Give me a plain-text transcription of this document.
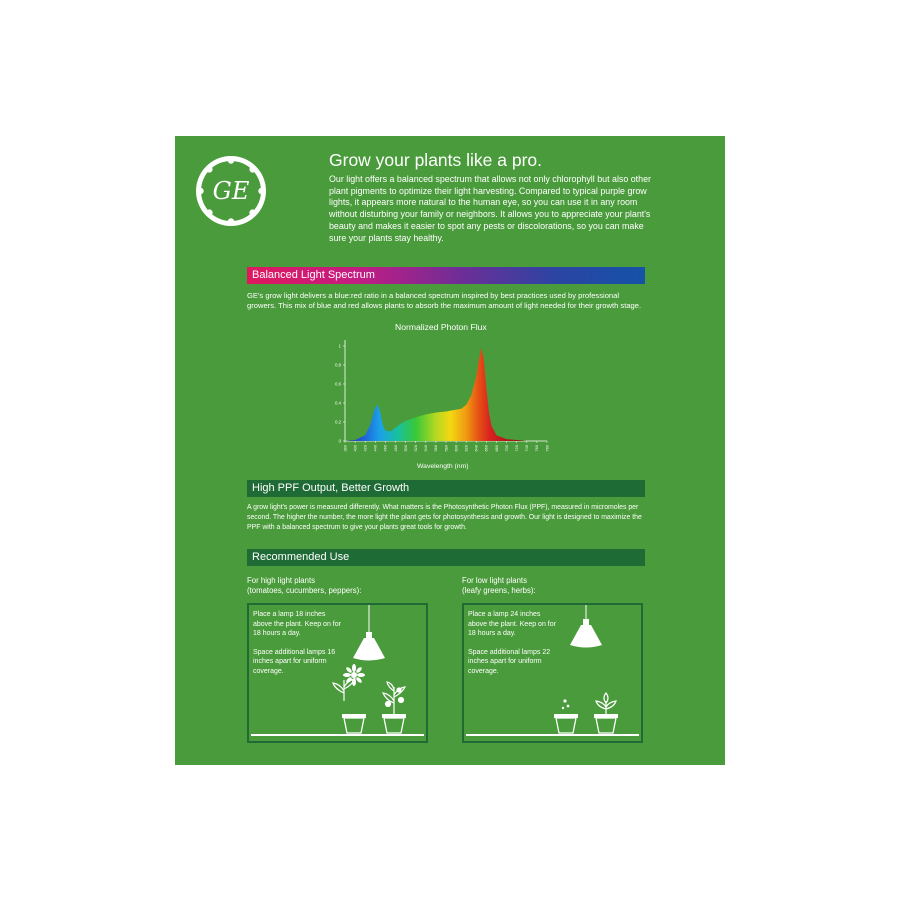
GE
Grow your plants like a pro.
Our light offers a balanced spectrum that allows not only chlorophyll but also other plant pigments to optimize their light harvesting. Compared to typical purple grow lights, it appears more natural to the human eye, so you can use it in any room without disturbing your family or neighbors. It allows you to appreciate your plant's beauty and makes it easier to spot any pests or discolorations, so you can make sure your plants stay healthy.
Balanced Light Spectrum
GE's grow light delivers a blue:red ratio in a balanced spectrum inspired by best practices used by professional growers. This mix of blue and red allows plants to absorb the maximum amount of light needed for their growth stage.
0
0.2
0.4
0.6
0.8
1
380 400 420 440 460 480 500 520 540 560 580 600 620 640 660 680 700 720 740 760 780
Normalized Photon Flux
Wavelength (nm)
High PPF Output, Better Growth
A grow light's power is measured differently. What matters is the Photosynthetic Photon Flux (PPF), measured in micromoles per second. The higher the number, the more light the plant gets for photosynthesis and growth. Our light is designed to maximize the PPF with a balanced spectrum to give your plants great tools for growth.
Recommended Use
For high light plants
(tomatoes, cucumbers, peppers):
For low light plants
(leafy greens, herbs):

Place a lamp 18 inches above the plant. Keep on for 18 hours a day.

Space additional lamps 16 inches apart for uniform coverage.

Place a lamp 24 inches above the plant. Keep on for 18 hours a day.

Space additional lamps 22 inches apart for uniform coverage.
